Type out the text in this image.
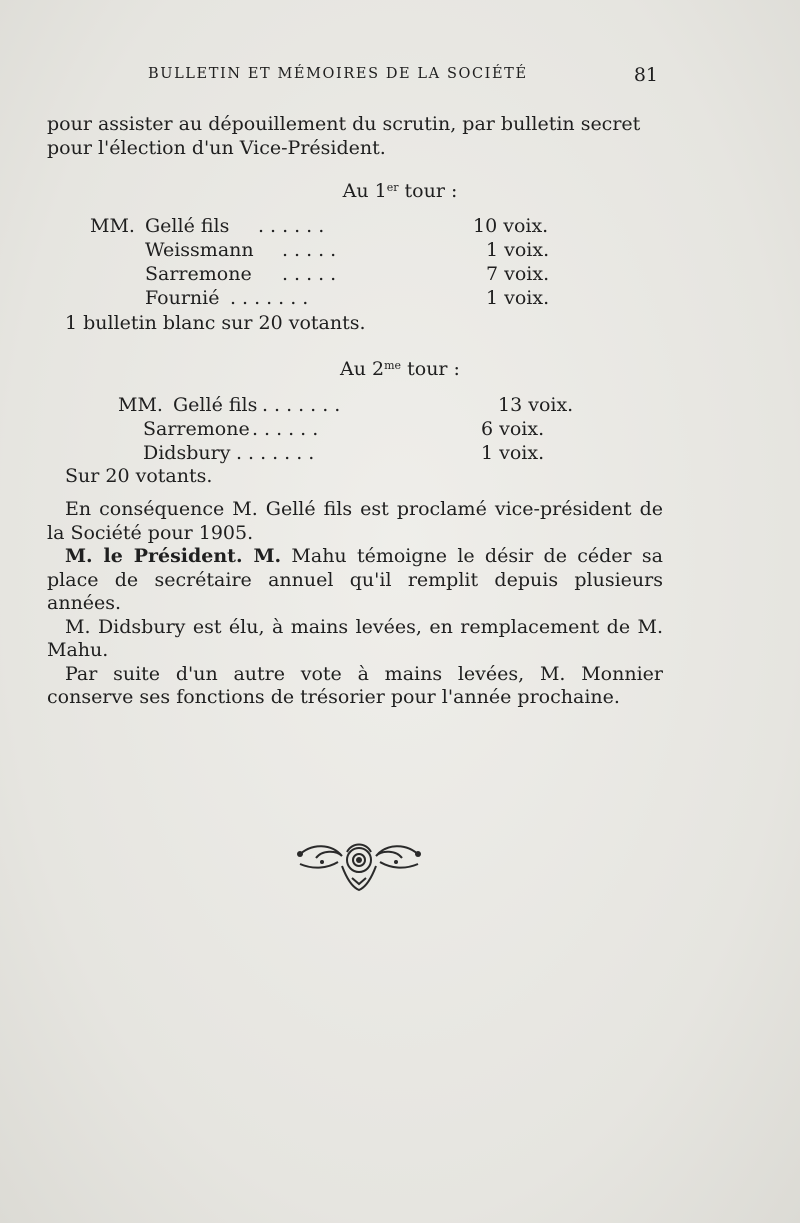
BULLETIN ET MÉMOIRES DE LA SOCIÉTÉ	81

pour assister au dépouillement du scrutin, par bulletin secret

pour l'élection d'un Vice-Président.

Au 1er tour :
MM. Gellé fils ......	10 voix.
Weissmann .....	1 voix.
Sarremone .....	7 voix.
Fournié .......	1 voix.
1 bulletin blanc sur 20 votants.
Au $2^{me}$ tour :
MM. Gellé fils .......	13 voix.
Sarremone ......	6 voix.
Didsbury .......	1 voix.
Sur 20 votants.

En conséquence M. Gellé fils est proclamé vice-président de la Société pour 1905.

M. le Président. M. Mahu témoigne le désir de céder sa place de secrétaire annuel qu'il remplit depuis plusieurs années.

M. Didsbury est élu, à mains levées, en remplacement de M. Mahu.

Par suite d'un autre vote à mains levées, M. Monnier conserve ses fonctions de trésorier pour l'année prochaine.
